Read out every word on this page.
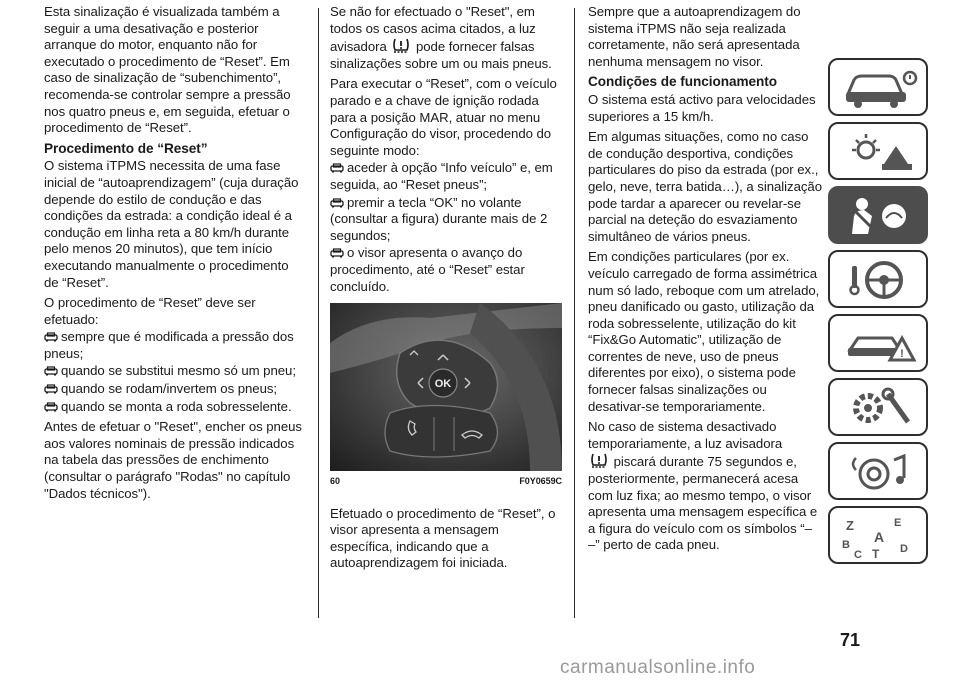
Esta sinalização é visualizada também a seguir a uma desativação e posterior arranque do motor, enquanto não for executado o procedimento de “Reset”. Em caso de sinalização de “subenchimento”, recomenda-se controlar sempre a pressão nos quatro pneus e, em seguida, efetuar o procedimento de “Reset”.

Procedimento de “Reset”

O sistema iTPMS necessita de uma fase inicial de “autoaprendizagem” (cuja duração depende do estilo de condução e das condições da estrada: a condição ideal é a condução em linha reta a 80 km/h durante pelo menos 20 minutos), que tem início executando manualmente o procedimento de “Reset”.

O procedimento de “Reset” deve ser efetuado:

sempre que é modificada a pressão dos pneus;
quando se substitui mesmo só um pneu;
quando se rodam/invertem os pneus;
quando se monta a roda sobresselente.

Antes de efetuar o "Reset", encher os pneus aos valores nominais de pressão indicados na tabela das pressões de enchimento (consultar o parágrafo "Rodas" no capítulo "Dados técnicos").

Se não for efectuado o "Reset", em todos os casos acima citados, a luz avisadora pode fornecer falsas sinalizações sobre um ou mais pneus.

Para executar o “Reset”, com o veículo parado e a chave de ignição rodada para a posição MAR, atuar no menu Configuração do visor, procedendo do seguinte modo:

aceder à opção “Info veículo” e, em seguida, ao “Reset pneus”;
premir a tecla “OK” no volante (consultar a figura) durante mais de 2 segundos;
o visor apresenta o avanço do procedimento, até o “Reset” estar concluído.
OK
60	F0Y0659C

Efetuado o procedimento de “Reset”, o visor apresenta a mensagem específica, indicando que a autoaprendizagem foi iniciada.

Sempre que a autoaprendizagem do sistema iTPMS não seja realizada corretamente, não será apresentada nenhuma mensagem no visor.

Condições de funcionamento

O sistema está activo para velocidades superiores a 15 km/h.

Em algumas situações, como no caso de condução desportiva, condições particulares do piso da estrada (por ex., gelo, neve, terra batida…), a sinalização pode tardar a aparecer ou revelar-se parcial na deteção do esvaziamento simultâneo de vários pneus.

Em condições particulares (por ex. veículo carregado de forma assimétrica num só lado, reboque com um atrelado, pneu danificado ou gasto, utilização da roda sobresselente, utilização do kit “Fix&Go Automatic”, utilização de correntes de neve, uso de pneus diferentes por eixo), o sistema pode fornecer falsas sinalizações ou desativar-se temporariamente.

No caso de sistema desactivado temporariamente, a luz avisadora
piscará durante 75 segundos e, posteriormente, permanecerá acesa com luz fixa; ao mesmo tempo, o visor apresenta uma mensagem específica e a figura do veículo com os símbolos “– –” perto de cada pneu.

!
Z	E
B A
C T D
71
carmanualsonline.info
